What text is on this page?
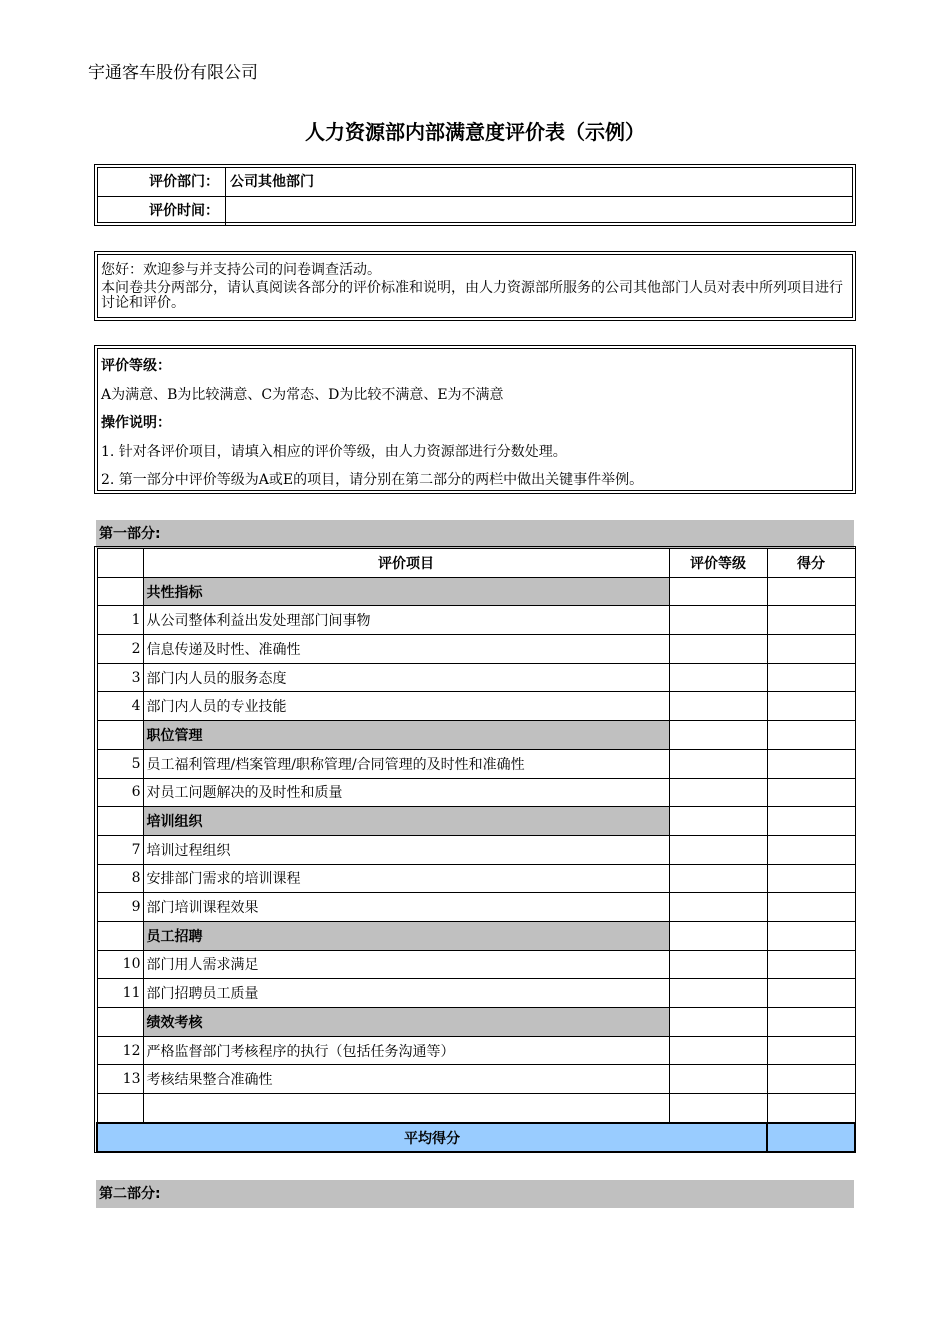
宇通客车股份有限公司
人力资源部内部满意度评价表（示例）
评价部门： 公司其他部门
评价时间：
您好：欢迎参与并支持公司的问卷调查活动。
本问卷共分两部分，请认真阅读各部分的评价标准和说明，由人力资源部所服务的公司其他部门人员对表中所列项目进行讨论和评价。
评价等级：
A为满意、B为比较满意、C为常态、D为比较不满意、E为不满意
操作说明：
1. 针对各评价项目，请填入相应的评价等级，由人力资源部进行分数处理。
2. 第一部分中评价等级为A或E的项目，请分别在第二部分的两栏中做出关键事件举例。
第一部分:
	评价项目	评价等级	得分
	共性指标		
1	从公司整体利益出发处理部门间事物		
2	信息传递及时性、准确性		
3	部门内人员的服务态度		
4	部门内人员的专业技能		
	职位管理		
5	员工福利管理/档案管理/职称管理/合同管理的及时性和准确性		
6	对员工问题解决的及时性和质量		
	培训组织		
7	培训过程组织		
8	安排部门需求的培训课程		
9	部门培训课程效果		
	员工招聘		
10	部门用人需求满足		
11	部门招聘员工质量		
	绩效考核		
12	严格监督部门考核程序的执行（包括任务沟通等）		
13	考核结果整合准确性		

平均得分			
第二部分:
